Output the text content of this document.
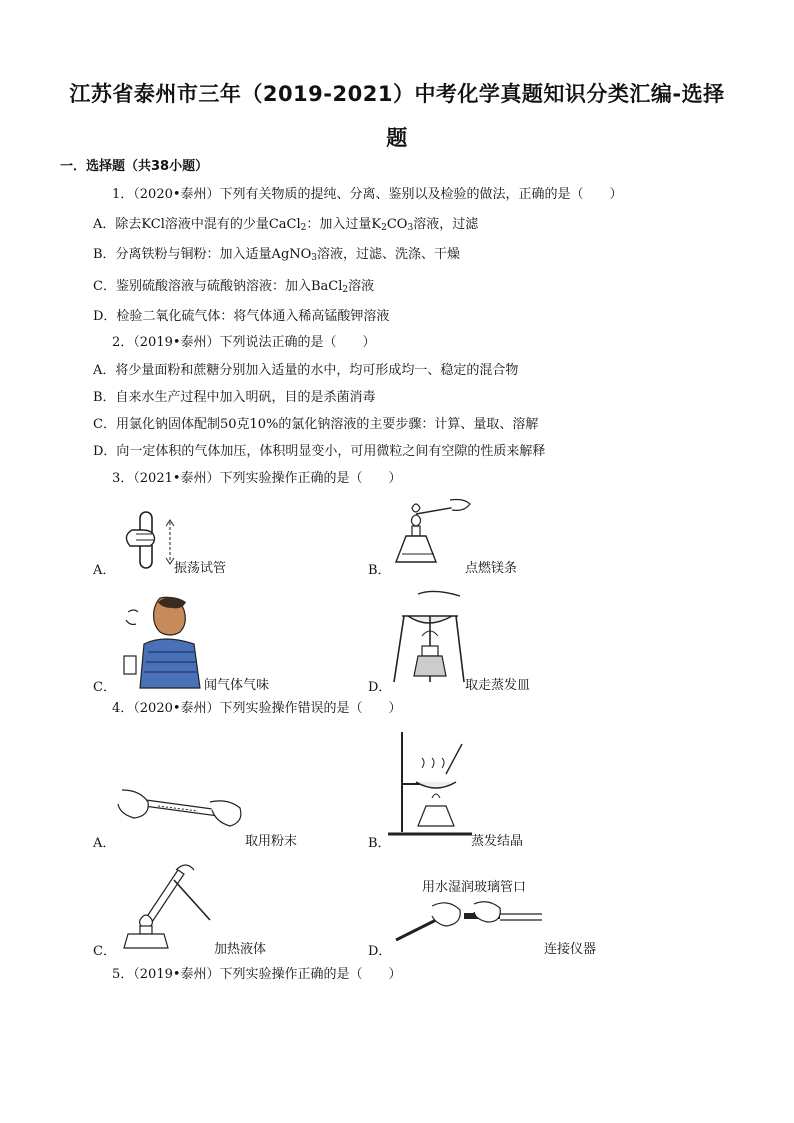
江苏省泰州市三年（2019-2021）中考化学真题知识分类汇编-选择
题
一．选择题（共38小题）
1．（2020•泰州）下列有关物质的提纯、分离、鉴别以及检验的做法，正确的是（　　）
A．除去KCl溶液中混有的少量CaCl$_2$：加入过量$K_2CO_3$溶液，过滤
B．分离铁粉与铜粉：加入适量AgNO$_3$溶液，过滤、洗涤、干燥
C．鉴别硫酸溶液与硫酸钠溶液：加入BaCl$_2$溶液
D．检验二氧化硫气体：将气体通入稀高锰酸钾溶液
2．（2019•泰州）下列说法正确的是（　　）
A．将少量面粉和蔗糖分别加入适量的水中，均可形成均一、稳定的混合物
B．自来水生产过程中加入明矾，目的是杀菌消毒
C．用氯化钠固体配制50克10%的氯化钠溶液的主要步骤：计算、量取、溶解
D．向一定体积的气体加压，体积明显变小，可用微粒之间有空隙的性质来解释
3．（2021•泰州）下列实验操作正确的是（　　）
A．	振荡试管	B．	点燃镁条
C．	闻气体气味	D．	取走蒸发皿
4．（2020•泰州）下列实验操作错误的是（　　）
A．	取用粉末	B．	蒸发结晶
C．	加热液体
用水湿润玻璃管口
D．	连接仪器
5．（2019•泰州）下列实验操作正确的是（　　）
